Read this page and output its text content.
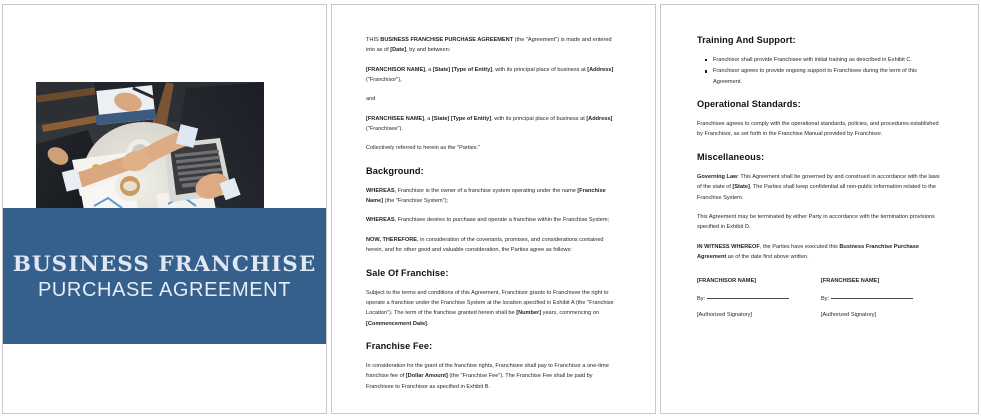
BUSINESS FRANCHISE
PURCHASE AGREEMENT

THIS BUSINESS FRANCHISE PURCHASE AGREEMENT (the "Agreement") is made and entered into as of [Date], by and between:

[FRANCHISOR NAME], a [State] [Type of Entity], with its principal place of business at [Address] ("Franchisor"),

and

[FRANCHISEE NAME], a [State] [Type of Entity], with its principal place of business at [Address] ("Franchisee").

Collectively referred to herein as the "Parties."

Background:

WHEREAS, Franchisor is the owner of a franchise system operating under the name [Franchise Name] (the "Franchise System");

WHEREAS, Franchisee desires to purchase and operate a franchise within the Franchise System;

NOW, THEREFORE, in consideration of the covenants, promises, and considerations contained herein, and for other good and valuable consideration, the Parties agree as follows:

Sale Of Franchise:

Subject to the terms and conditions of this Agreement, Franchisor grants to Franchisee the right to operate a franchise under the Franchise System at the location specified in Exhibit A (the "Franchise Location"). The term of the franchise granted herein shall be [Number] years, commencing on [Commencement Date].

Franchise Fee:

In consideration for the grant of the franchise rights, Franchisee shall pay to Franchisor a one-time franchise fee of [Dollar Amount] (the "Franchise Fee"). The Franchise Fee shall be paid by Franchisee to Franchisor as specified in Exhibit B.

Training And Support:
Franchisor shall provide Franchisee with initial training as described in Exhibit C.
Franchisor agrees to provide ongoing support to Franchisee during the term of this Agreement.
Operational Standards:

Franchisee agrees to comply with the operational standards, policies, and procedures established by Franchisor, as set forth in the Franchise Manual provided by Franchisor.

Miscellaneous:

Governing Law: This Agreement shall be governed by and construed in accordance with the laws of the state of [State]. The Parties shall keep confidential all non-public information related to the Franchise System.

This Agreement may be terminated by either Party in accordance with the termination provisions specified in Exhibit D.

IN WITNESS WHEREOF, the Parties have executed this Business Franchise Purchase Agreement as of the date first above written.

[FRANCHISOR NAME]

By:

[Authorized Signatory]

[FRANCHISEE NAME]

By:

[Authorized Signatory]
